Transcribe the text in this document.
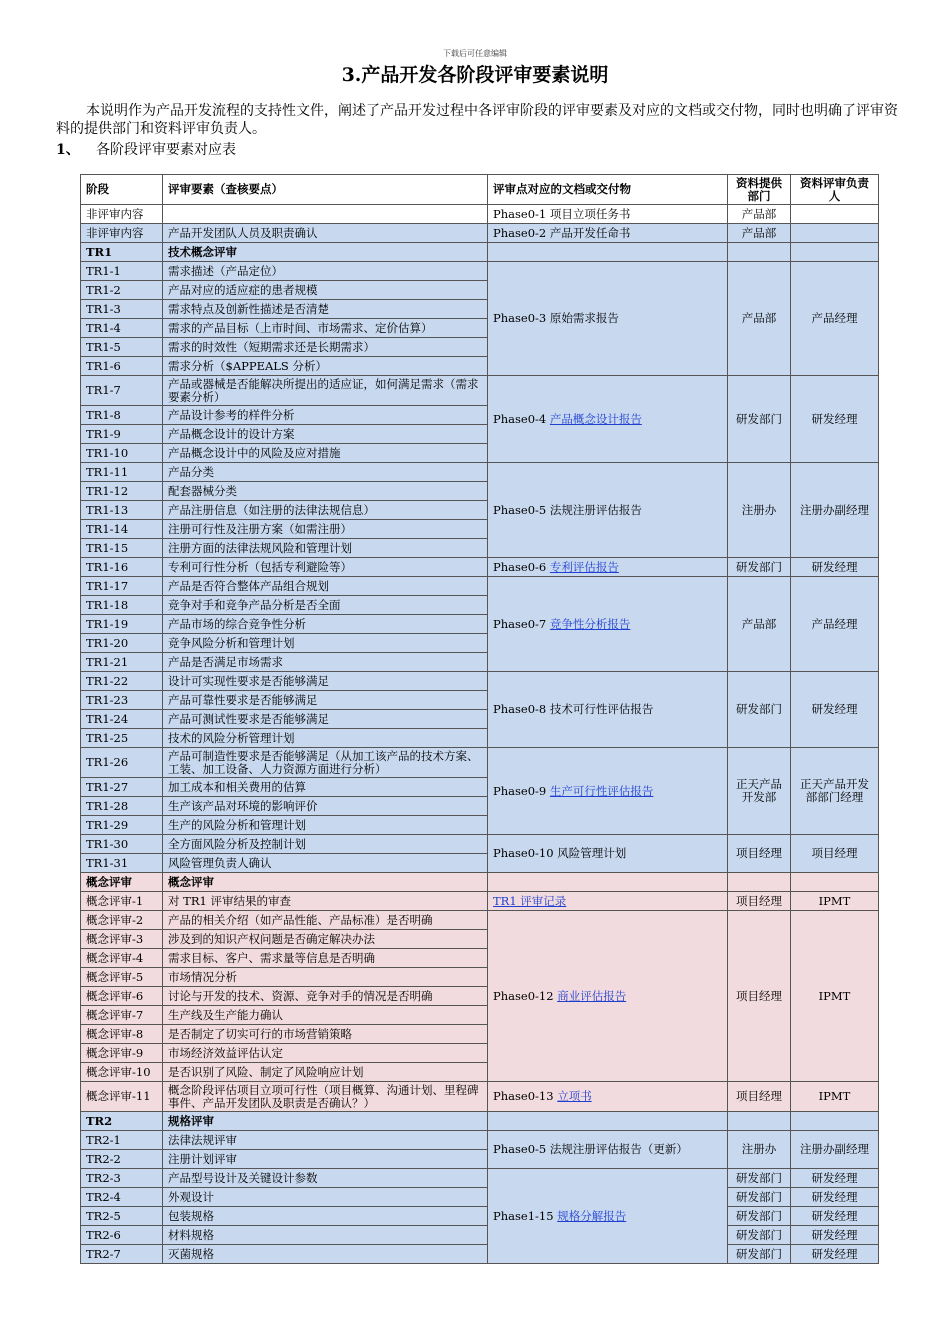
下载后可任意编辑
3.产品开发各阶段评审要素说明
本说明作为产品开发流程的支持性文件，阐述了产品开发过程中各评审阶段的评审要素及对应的文档或交付物，同时也明确了评审资料的提供部门和资料评审负责人。
1、 各阶段评审要素对应表
阶段	评审要素（查核要点）	评审点对应的文档或交付物	资料提供部门	资料评审负责人
非评审内容		Phase0-1 项目立项任务书	产品部	
非评审内容	产品开发团队人员及职责确认	Phase0-2 产品开发任命书	产品部	
TR1	技术概念评审			
TR1-1	需求描述（产品定位）	Phase0-3 原始需求报告	产品部	产品经理
TR1-2	产品对应的适应症的患者规模			
TR1-3	需求特点及创新性描述是否清楚			
TR1-4	需求的产品目标（上市时间、市场需求、定价估算）			
TR1-5	需求的时效性（短期需求还是长期需求）			
TR1-6	需求分析（$APPEALS 分析）			
TR1-7	产品或器械是否能解决所提出的适应证，如何满足需求（需求要素分析）	Phase0-4 产品概念设计报告	研发部门	研发经理
TR1-8	产品设计参考的样件分析			
TR1-9	产品概念设计的设计方案			
TR1-10	产品概念设计中的风险及应对措施			
TR1-11	产品分类	Phase0-5 法规注册评估报告	注册办	注册办副经理
TR1-12	配套器械分类			
TR1-13	产品注册信息（如注册的法律法规信息）			
TR1-14	注册可行性及注册方案（如需注册）			
TR1-15	注册方面的法律法规风险和管理计划			
TR1-16	专利可行性分析（包括专利避险等）	Phase0-6 专利评估报告	研发部门	研发经理
TR1-17	产品是否符合整体产品组合规划	Phase0-7 竞争性分析报告	产品部	产品经理
TR1-18	竞争对手和竞争产品分析是否全面			
TR1-19	产品市场的综合竞争性分析			
TR1-20	竞争风险分析和管理计划			
TR1-21	产品是否满足市场需求			
TR1-22	设计可实现性要求是否能够满足	Phase0-8 技术可行性评估报告	研发部门	研发经理
TR1-23	产品可靠性要求是否能够满足			
TR1-24	产品可测试性要求是否能够满足			
TR1-25	技术的风险分析管理计划			
TR1-26	产品可制造性要求是否能够满足（从加工该产品的技术方案、工装、加工设备、人力资源方面进行分析）	Phase0-9 生产可行性评估报告	正天产品开发部	正天产品开发部部门经理
TR1-27	加工成本和相关费用的估算			
TR1-28	生产该产品对环境的影响评价			
TR1-29	生产的风险分析和管理计划			
TR1-30	全方面风险分析及控制计划	Phase0-10 风险管理计划	项目经理	项目经理
TR1-31	风险管理负责人确认			
概念评审	概念评审			
概念评审-1	对 TR1 评审结果的审查	TR1 评审记录	项目经理	IPMT
概念评审-2	产品的相关介绍（如产品性能、产品标准）是否明确	Phase0-12 商业评估报告	项目经理	IPMT
概念评审-3	涉及到的知识产权问题是否确定解决办法			
概念评审-4	需求目标、客户、需求量等信息是否明确			
概念评审-5	市场情况分析			
概念评审-6	讨论与开发的技术、资源、竞争对手的情况是否明确			
概念评审-7	生产线及生产能力确认			
概念评审-8	是否制定了切实可行的市场营销策略			
概念评审-9	市场经济效益评估认定			
概念评审-10	是否识别了风险、制定了风险响应计划			
概念评审-11	概念阶段评估项目立项可行性（项目概算、沟通计划、里程碑事件、产品开发团队及职责是否确认？）	Phase0-13 立项书	项目经理	IPMT
TR2	规格评审			
TR2-1	法律法规评审	Phase0-5 法规注册评估报告（更新）	注册办	注册办副经理
TR2-2	注册计划评审			
TR2-3	产品型号设计及关键设计参数	Phase1-15 规格分解报告	研发部门	研发经理
TR2-4	外观设计		研发部门	研发经理
TR2-5	包装规格		研发部门	研发经理
TR2-6	材料规格		研发部门	研发经理
TR2-7	灭菌规格		研发部门	研发经理
